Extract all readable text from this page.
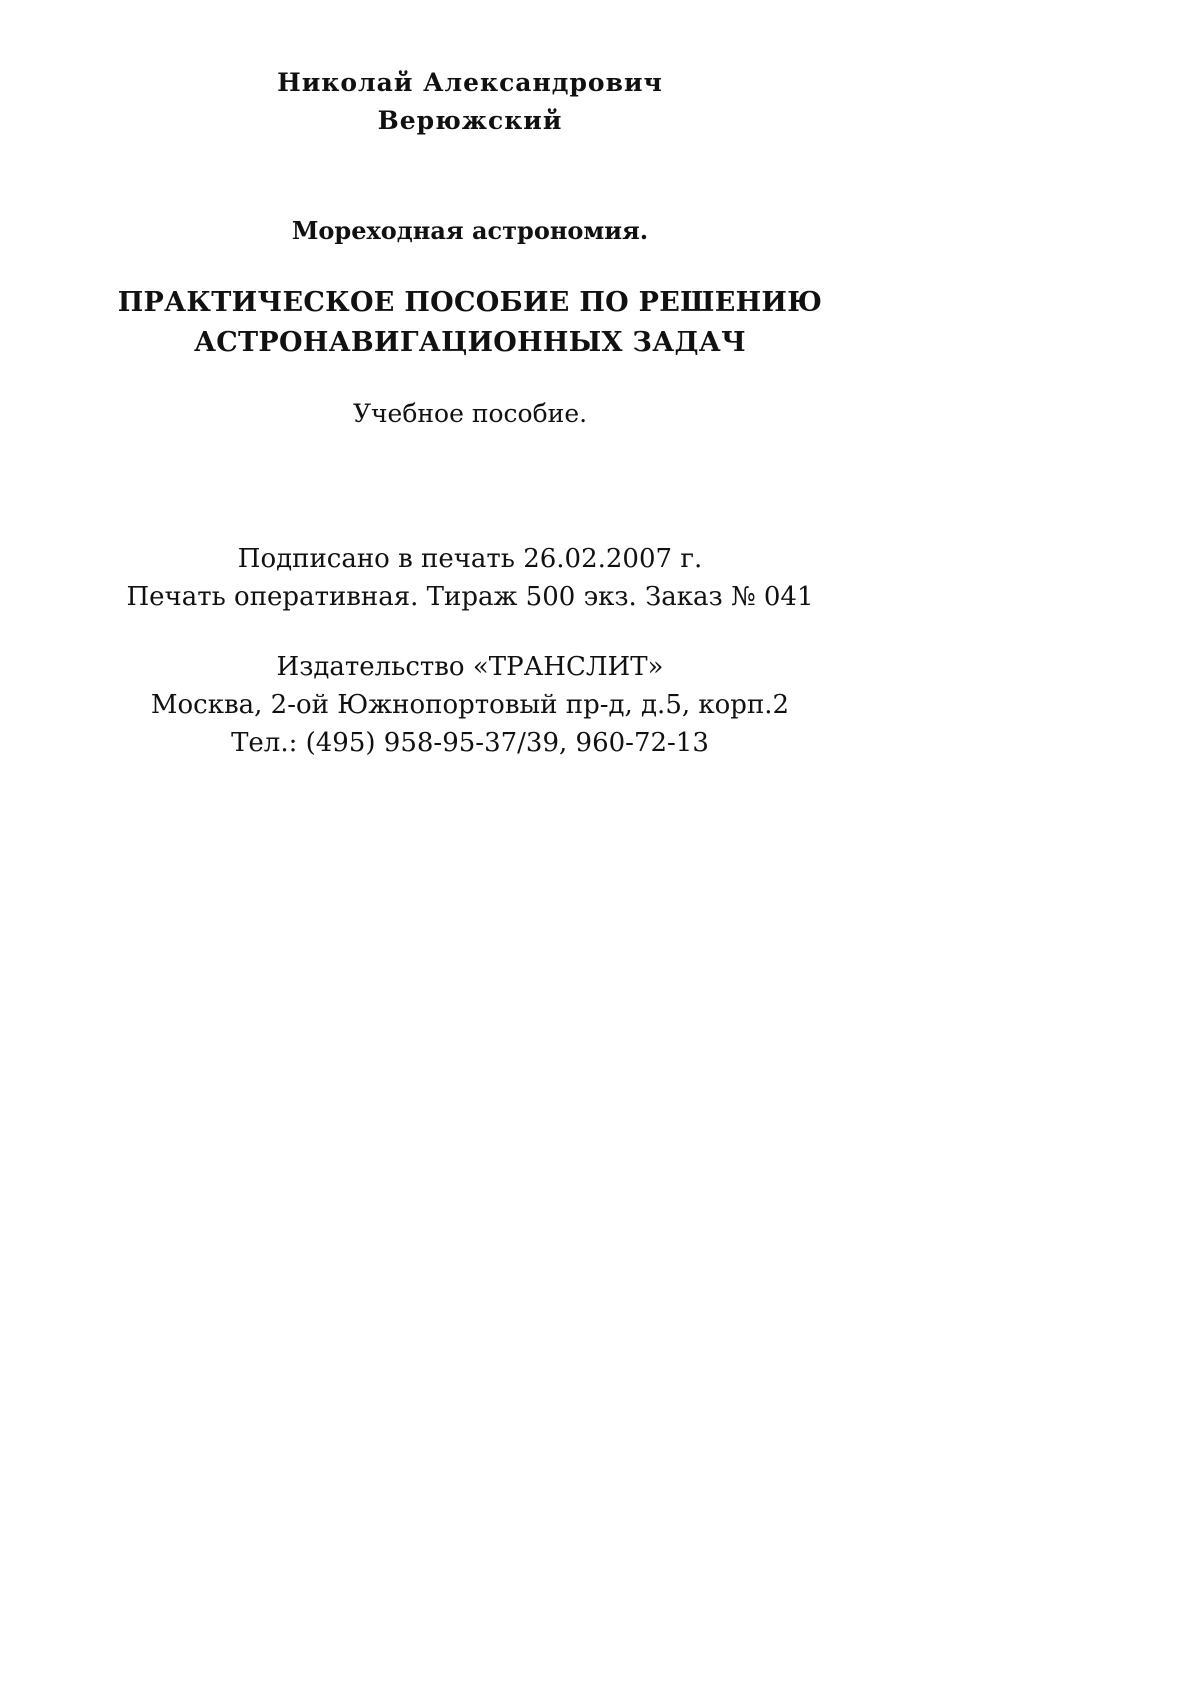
Николай Александрович
Верюжский
Мореходная астрономия.
ПРАКТИЧЕСКОЕ ПОСОБИЕ ПО РЕШЕНИЮ
АСТРОНАВИГАЦИОННЫХ ЗАДАЧ
Учебное пособие.
Подписано в печать 26.02.2007 г.
Печать оперативная. Тираж 500 экз. Заказ № 041
Издательство «ТРАНСЛИТ»
Москва, 2-ой Южнопортовый пр-д, д.5, корп.2
Тел.: (495) 958-95-37/39, 960-72-13
